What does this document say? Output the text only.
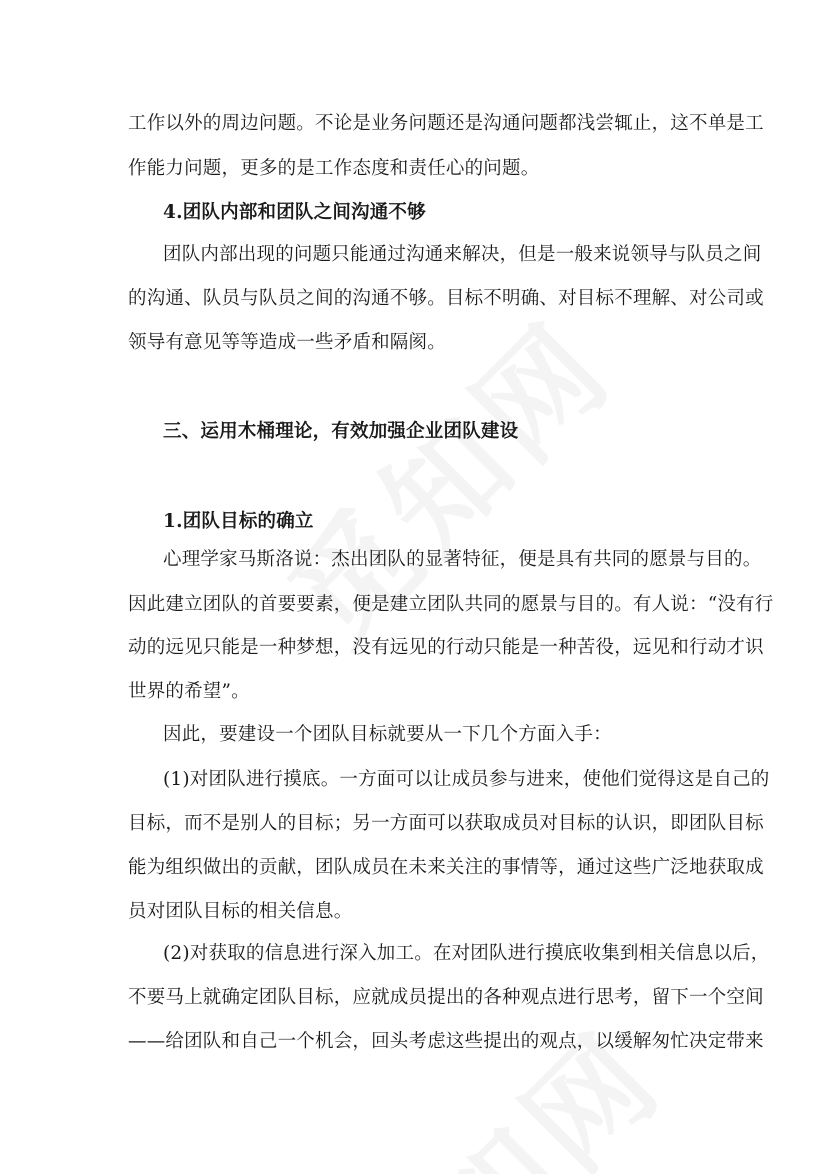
工作以外的周边问题。不论是业务问题还是沟通问题都浅尝辄止，这不单是工
作能力问题，更多的是工作态度和责任心的问题。
4.团队内部和团队之间沟通不够
团队内部出现的问题只能通过沟通来解决，但是一般来说领导与队员之间
的沟通、队员与队员之间的沟通不够。目标不明确、对目标不理解、对公司或
领导有意见等等造成一些矛盾和隔阂。
三、运用木桶理论，有效加强企业团队建设
1.团队目标的确立
心理学家马斯洛说：杰出团队的显著特征，便是具有共同的愿景与目的。
因此建立团队的首要要素，便是建立团队共同的愿景与目的。有人说：“没有行
动的远见只能是一种梦想，没有远见的行动只能是一种苦役，远见和行动才识
世界的希望”。
因此，要建设一个团队目标就要从一下几个方面入手：
(1)对团队进行摸底。一方面可以让成员参与进来，使他们觉得这是自己的
目标，而不是别人的目标；另一方面可以获取成员对目标的认识，即团队目标
能为组织做出的贡献，团队成员在未来关注的事情等，通过这些广泛地获取成
员对团队目标的相关信息。
(2)对获取的信息进行深入加工。在对团队进行摸底收集到相关信息以后，
不要马上就确定团队目标，应就成员提出的各种观点进行思考，留下一个空间
——给团队和自己一个机会，回头考虑这些提出的观点，以缓解匆忙决定带来
